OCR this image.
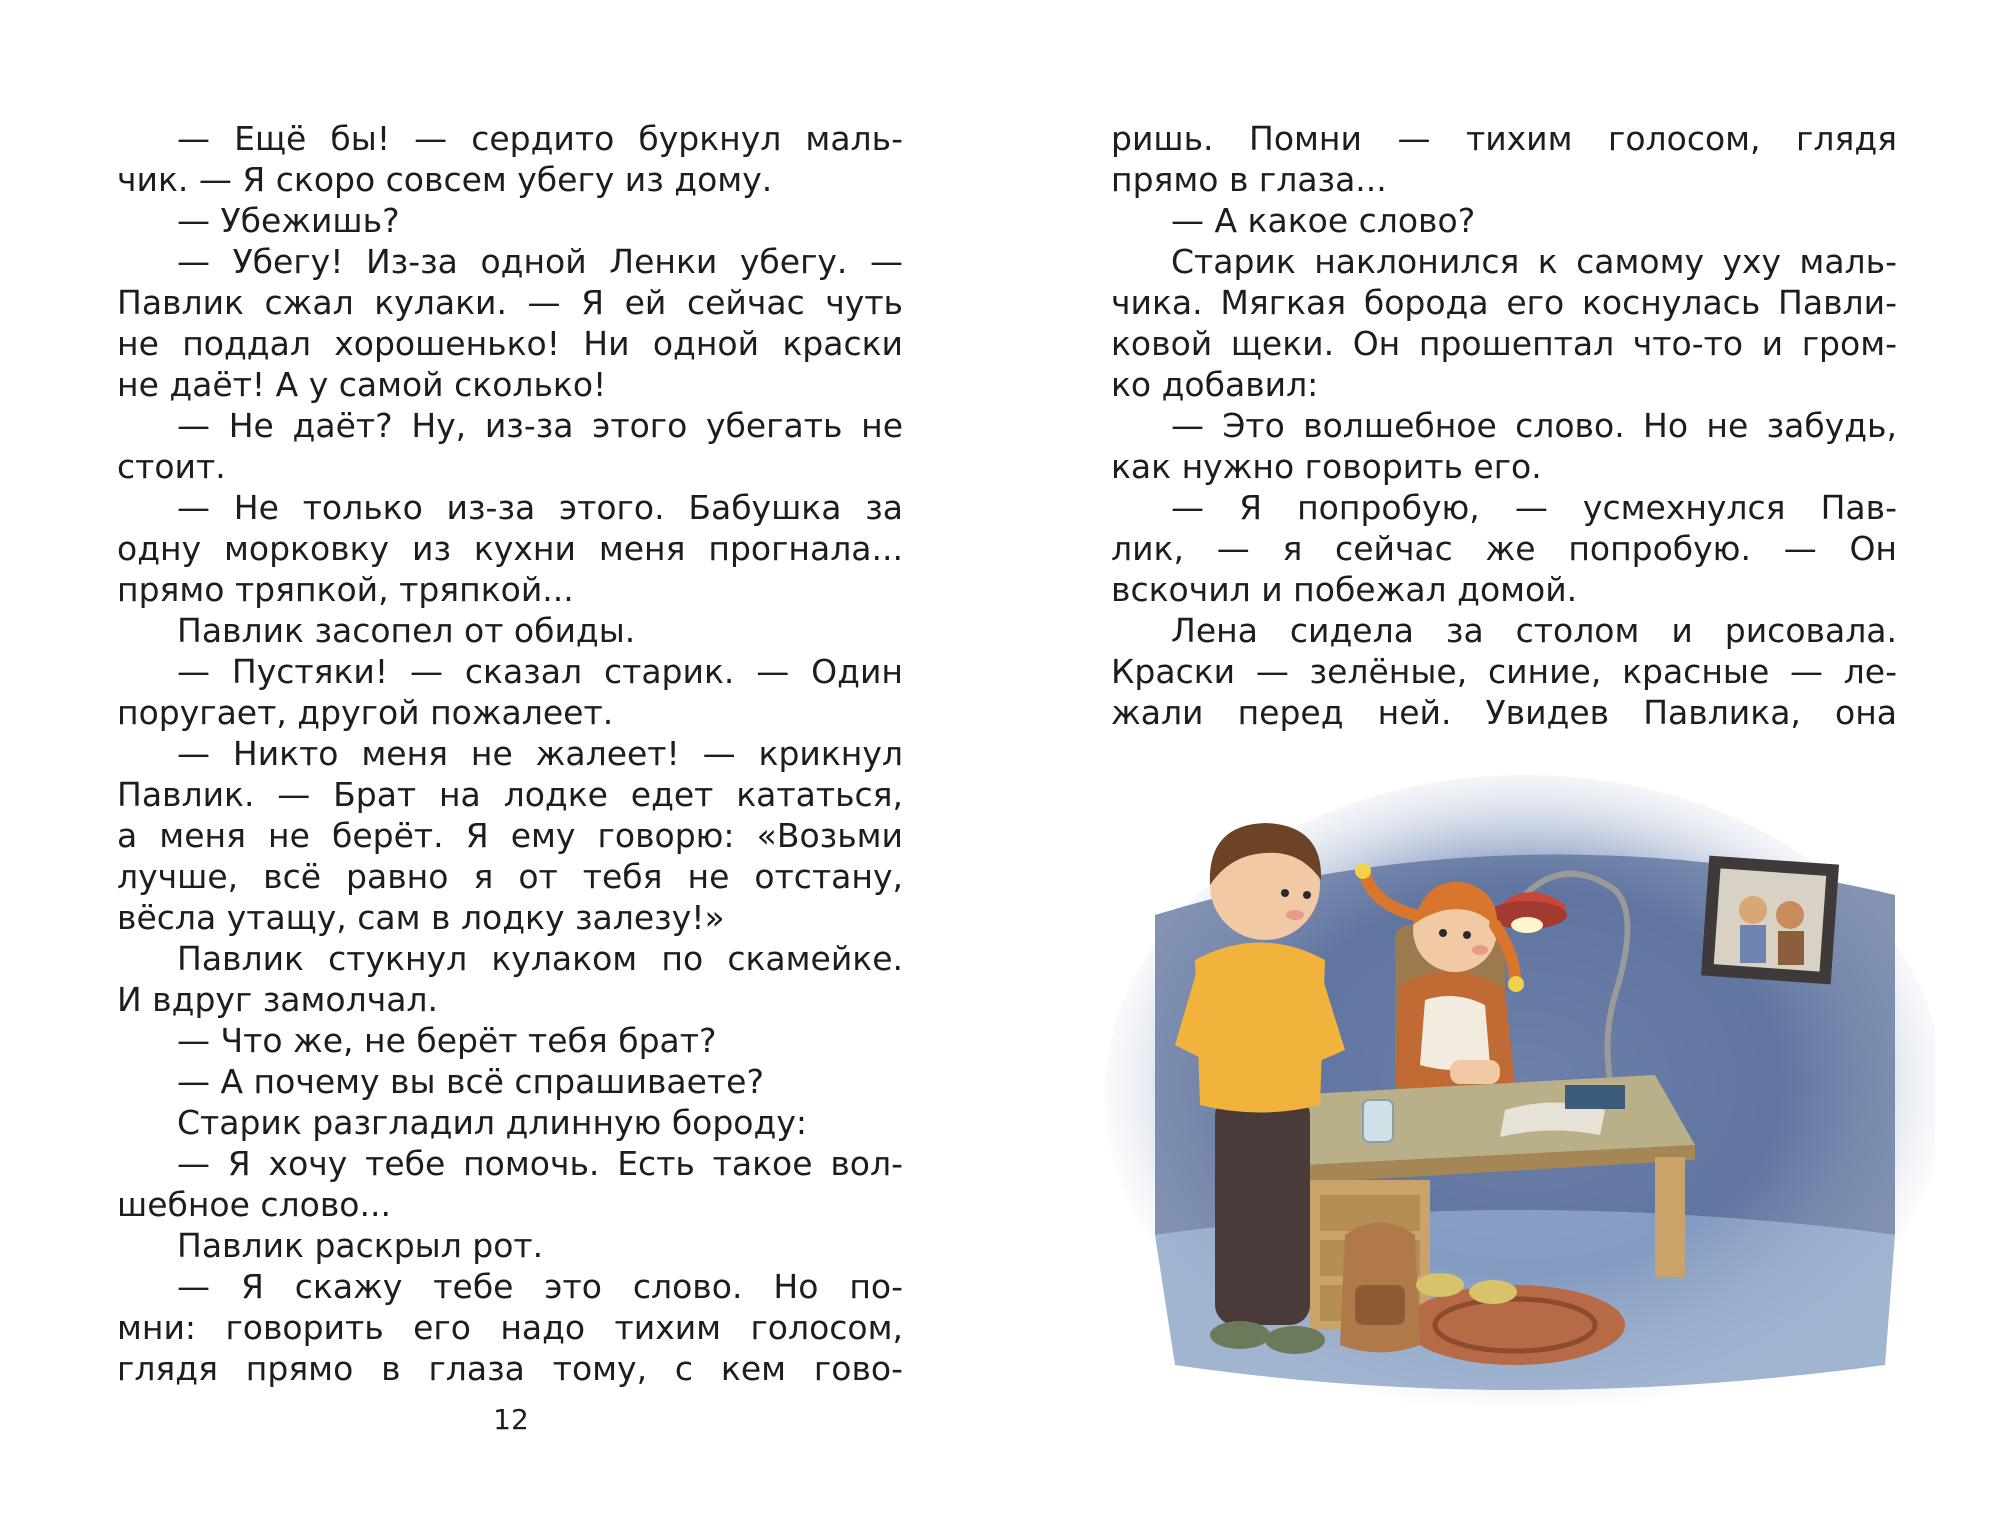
— Ещё бы! — сердито буркнул маль-
чик. — Я скоро совсем убегу из дому.
— Убежишь?
— Убегу! Из-за одной Ленки убегу. —
Павлик сжал кулаки. — Я ей сейчас чуть
не поддал хорошенько! Ни одной краски
не даёт! А у самой сколько!
— Не даёт? Ну, из-за этого убегать не
стоит.
— Не только из-за этого. Бабушка за
одну морковку из кухни меня прогнала...
прямо тряпкой, тряпкой...
Павлик засопел от обиды.
— Пустяки! — сказал старик. — Один
поругает, другой пожалеет.
— Никто меня не жалеет! — крикнул
Павлик. — Брат на лодке едет кататься,
а меня не берёт. Я ему говорю: «Возьми
лучше, всё равно я от тебя не отстану,
вёсла утащу, сам в лодку залезу!»
Павлик стукнул кулаком по скамейке.
И вдруг замолчал.
— Что же, не берёт тебя брат?
— А почему вы всё спрашиваете?
Старик разгладил длинную бороду:
— Я хочу тебе помочь. Есть такое вол-
шебное слово...
Павлик раскрыл рот.
— Я скажу тебе это слово. Но по-
мни: говорить его надо тихим голосом,
глядя прямо в глаза тому, с кем гово-
ришь. Помни — тихим голосом, глядя
прямо в глаза...
— А какое слово?
Старик наклонился к самому уху маль-
чика. Мягкая борода его коснулась Павли-
ковой щеки. Он прошептал что-то и гром-
ко добавил:
— Это волшебное слово. Но не забудь,
как нужно говорить его.
— Я попробую, — усмехнулся Пав-
лик, — я сейчас же попробую. — Он
вскочил и побежал домой.
Лена сидела за столом и рисовала.
Краски — зелёные, синие, красные — ле-
жали перед ней. Увидев Павлика, она
12
